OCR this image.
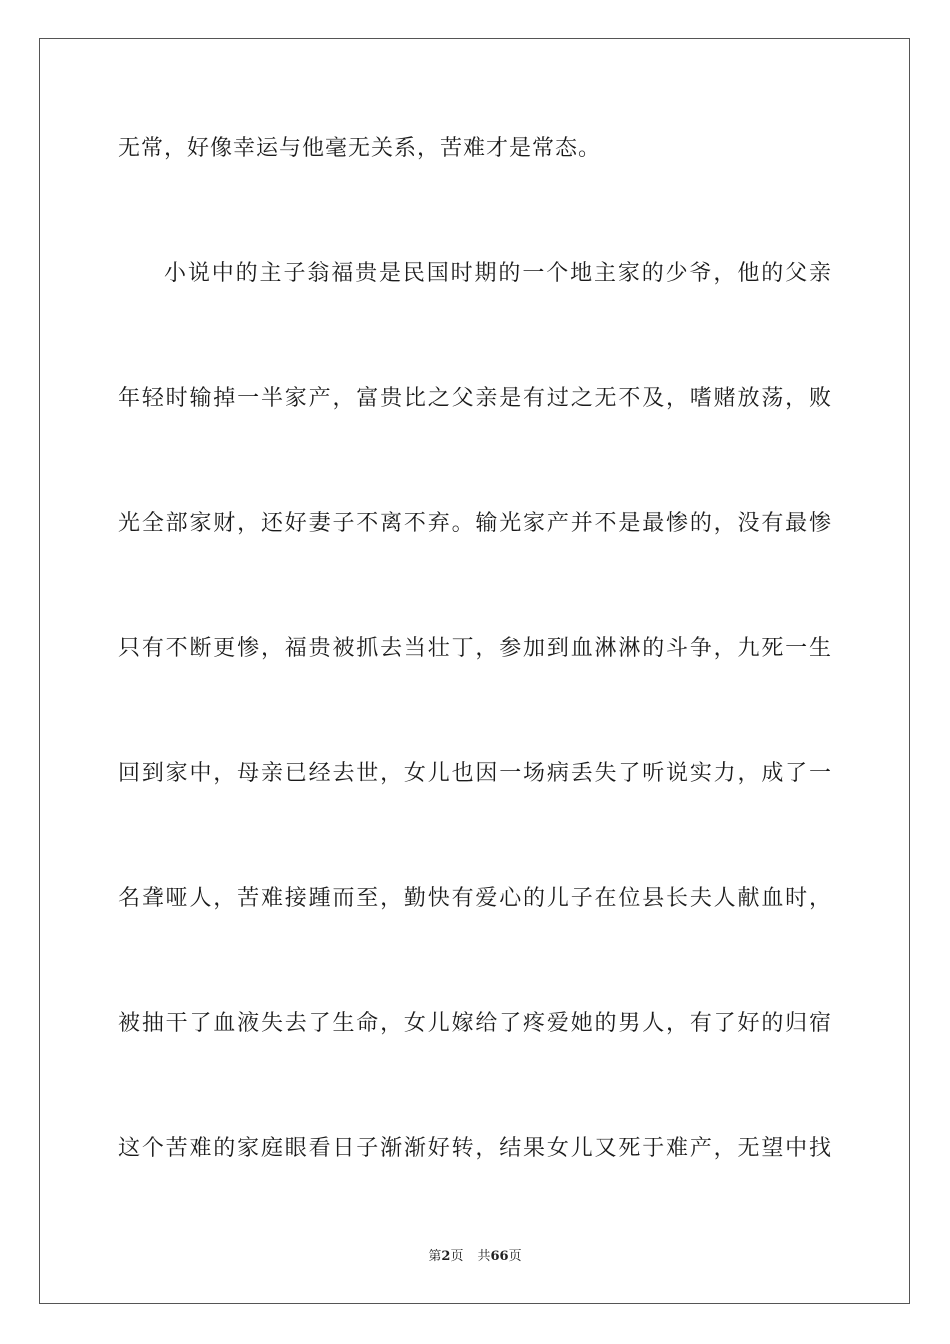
无常，好像幸运与他毫无关系，苦难才是常态。
小说中的主子翁福贵是民国时期的一个地主家的少爷，他的父亲
年轻时输掉一半家产，富贵比之父亲是有过之无不及，嗜赌放荡，败
光全部家财，还好妻子不离不弃。输光家产并不是最惨的，没有最惨
只有不断更惨，福贵被抓去当壮丁，参加到血淋淋的斗争，九死一生
回到家中，母亲已经去世，女儿也因一场病丢失了听说实力，成了一
名聋哑人，苦难接踵而至，勤快有爱心的儿子在位县长夫人献血时，
被抽干了血液失去了生命，女儿嫁给了疼爱她的男人，有了好的归宿
这个苦难的家庭眼看日子渐渐好转，结果女儿又死于难产，无望中找
第2页 共66页
